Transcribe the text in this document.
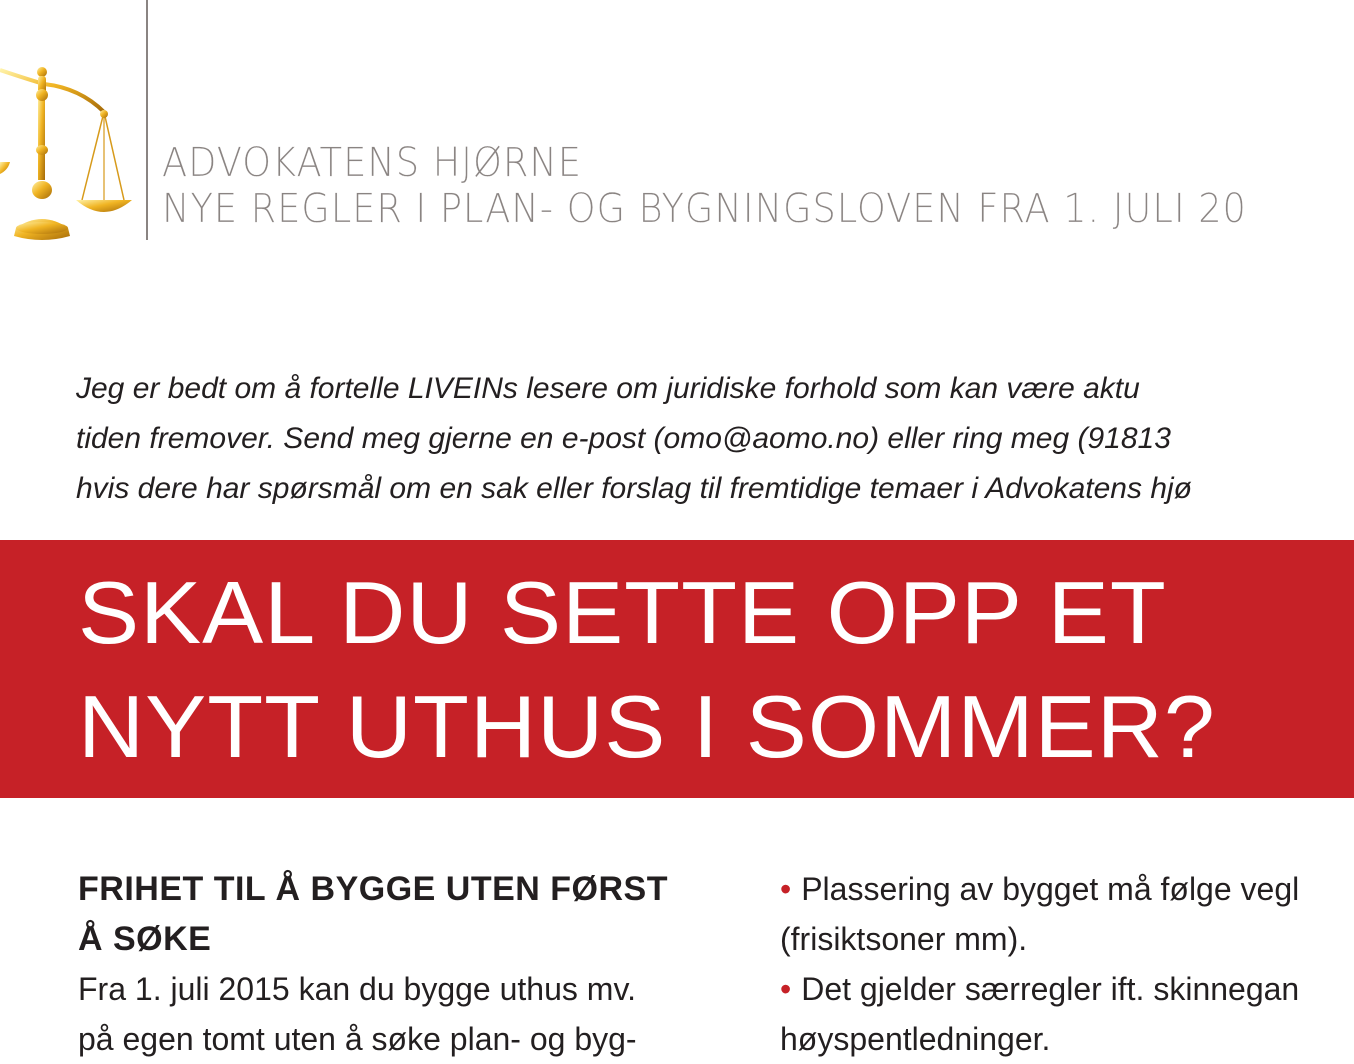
ADVOKATENS HJØRNE
NYE REGLER I PLAN- OG BYGNINGSLOVEN FRA 1. JULI 20

Jeg er bedt om å fortelle LIVEINs lesere om juridiske forhold som kan være aktu

tiden fremover. Send meg gjerne en e-post (omo@aomo.no) eller ring meg (91813

hvis dere har spørsmål om en sak eller forslag til fremtidige temaer i Advokatens hjø

SKAL DU SETTE OPP ET
NYTT UTHUS I SOMMER?

FRIHET TIL Å BYGGE UTEN FØRST

Å SØKE

Fra 1. juli 2015 kan du bygge uthus mv.

på egen tomt uten å søke plan- og byg-

• Plassering av bygget må følge vegl
(frisiktsoner mm).
• Det gjelder særregler ift. skinnegan
høyspentledninger.
